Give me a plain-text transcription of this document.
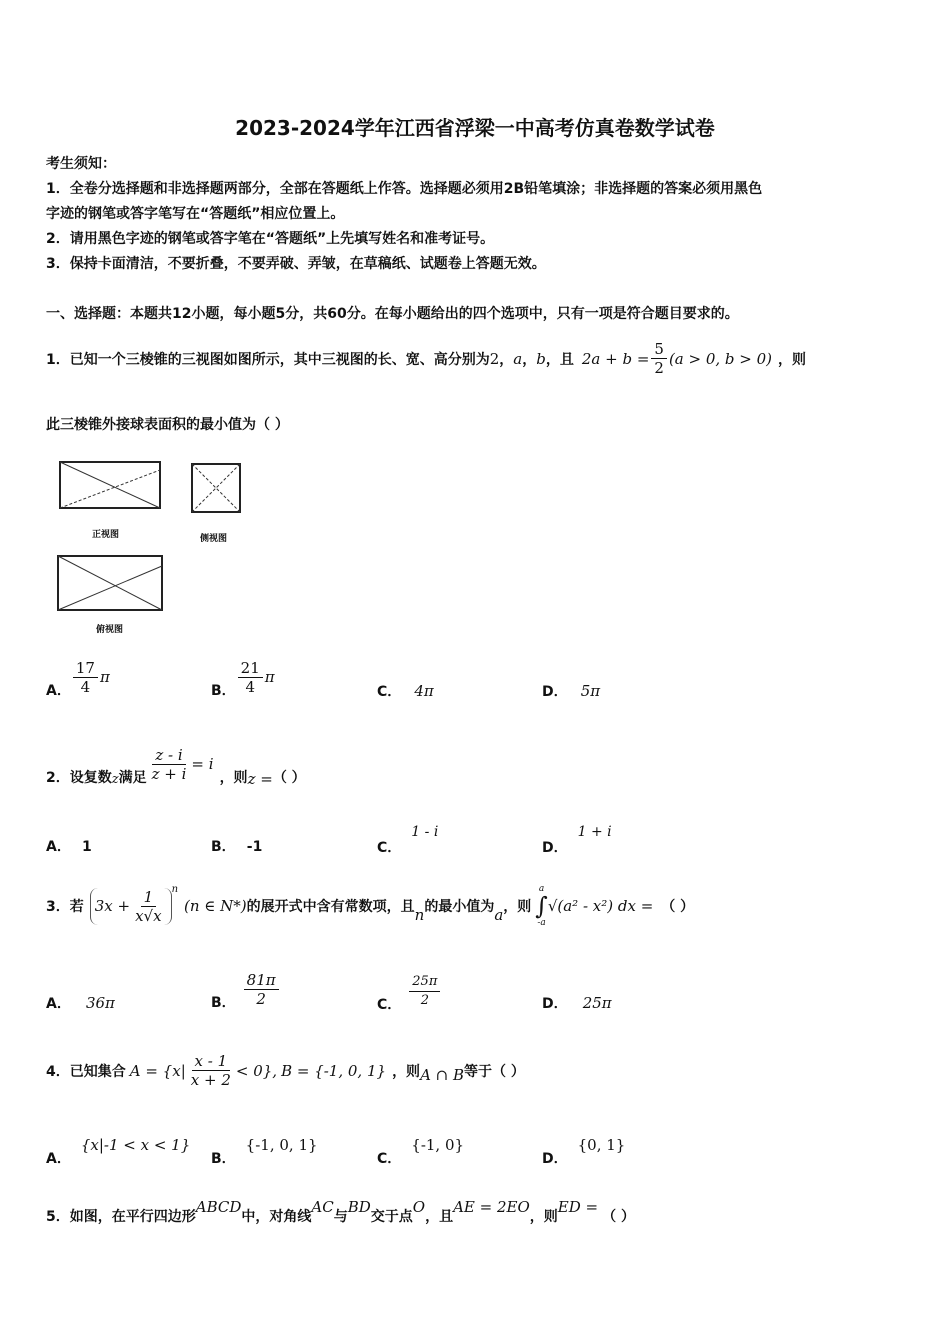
2023-2024学年江西省浮梁一中高考仿真卷数学试卷
考生须知：
1．全卷分选择题和非选择题两部分，全部在答题纸上作答。选择题必须用2B铅笔填涂；非选择题的答案必须用黑色
字迹的钢笔或答字笔写在“答题纸”相应位置上。
2．请用黑色字迹的钢笔或答字笔在“答题纸”上先填写姓名和准考证号。
3．保持卡面清洁，不要折叠，不要弄破、弄皱，在草稿纸、试题卷上答题无效。
一、选择题：本题共12小题，每小题5分，共60分。在每小题给出的四个选项中，只有一项是符合题目要求的。
1．已知一个三棱锥的三视图如图所示，其中三视图的长、宽、高分别为 2 ， a ， b ，且 $2a + b = \frac{5}{2} (a > 0$, b > 0) ，则
此三棱锥外接球表面积的最小值为（ ）
正视图	侧视图
俯视图
A． $\frac{17}{4}$ π
B． $\frac{21}{4}$ π
C． 4π	D． 5π
2．设复数 z 满足 $\frac{z - i}{z + i} = i$
，则 z = （ ）
A． 1	B． -1	C．
1 - i
D．
1 + i
3．若 $3x + \frac{1}{x√x}$ n
(n ∈ N*) 的展开式中含有常数项，且 n 的最小值为 a ，则
a
∫
-a
√(a² - x²) dx = （ ）
A． 36π	B． $\frac{81\pi}{2}$	C． $\frac{25\pi}{2}$	D． 25π
4．已知集合 $A = \{x| \frac{x - 1}{x + 2} < 0\}$, B = {-1, 0, 1} ，则 A ∩ B 等于（ ）
A．
{x|-1 < x < 1}
B．
{-1, 0, 1}
C．
{-1, 0}
D．
{0, 1}
5．如图，在平行四边形
ABCD
中，对角线
AC
与
BD
交于点
O
，且
AE = 2EO
，则
ED =
（ ）
